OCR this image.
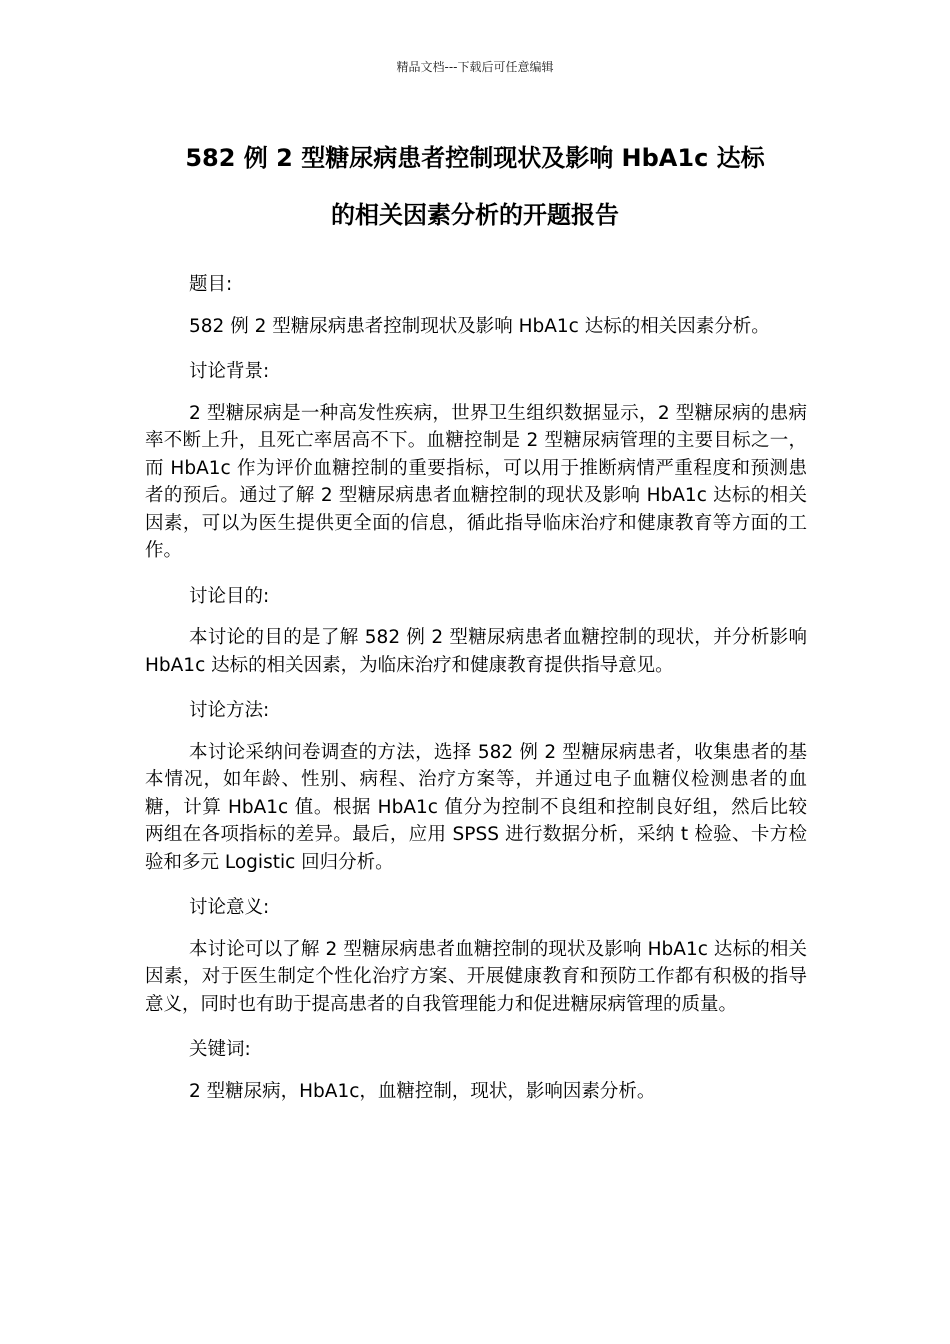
精品文档---下载后可任意编辑
582 例 2 型糖尿病患者控制现状及影响 HbA1c 达标
的相关因素分析的开题报告

题目:

582 例 2 型糖尿病患者控制现状及影响 HbA1c 达标的相关因素分析。

讨论背景:

2 型糖尿病是一种高发性疾病，世界卫生组织数据显示，2 型糖尿病的患病率不断上升，且死亡率居高不下。血糖控制是 2 型糖尿病管理的主要目标之一，而 HbA1c 作为评价血糖控制的重要指标，可以用于推断病情严重程度和预测患者的预后。通过了解 2 型糖尿病患者血糖控制的现状及影响 HbA1c 达标的相关因素，可以为医生提供更全面的信息，循此指导临床治疗和健康教育等方面的工作。

讨论目的:

本讨论的目的是了解 582 例 2 型糖尿病患者血糖控制的现状，并分析影响 HbA1c 达标的相关因素，为临床治疗和健康教育提供指导意见。

讨论方法:

本讨论采纳问卷调查的方法，选择 582 例 2 型糖尿病患者，收集患者的基本情况，如年龄、性别、病程、治疗方案等，并通过电子血糖仪检测患者的血糖，计算 HbA1c 值。根据 HbA1c 值分为控制不良组和控制良好组，然后比较两组在各项指标的差异。最后，应用 SPSS 进行数据分析，采纳 t 检验、卡方检验和多元 Logistic 回归分析。

讨论意义:

本讨论可以了解 2 型糖尿病患者血糖控制的现状及影响 HbA1c 达标的相关因素，对于医生制定个性化治疗方案、开展健康教育和预防工作都有积极的指导意义，同时也有助于提高患者的自我管理能力和促进糖尿病管理的质量。

关键词:

2 型糖尿病，HbA1c，血糖控制，现状，影响因素分析。
